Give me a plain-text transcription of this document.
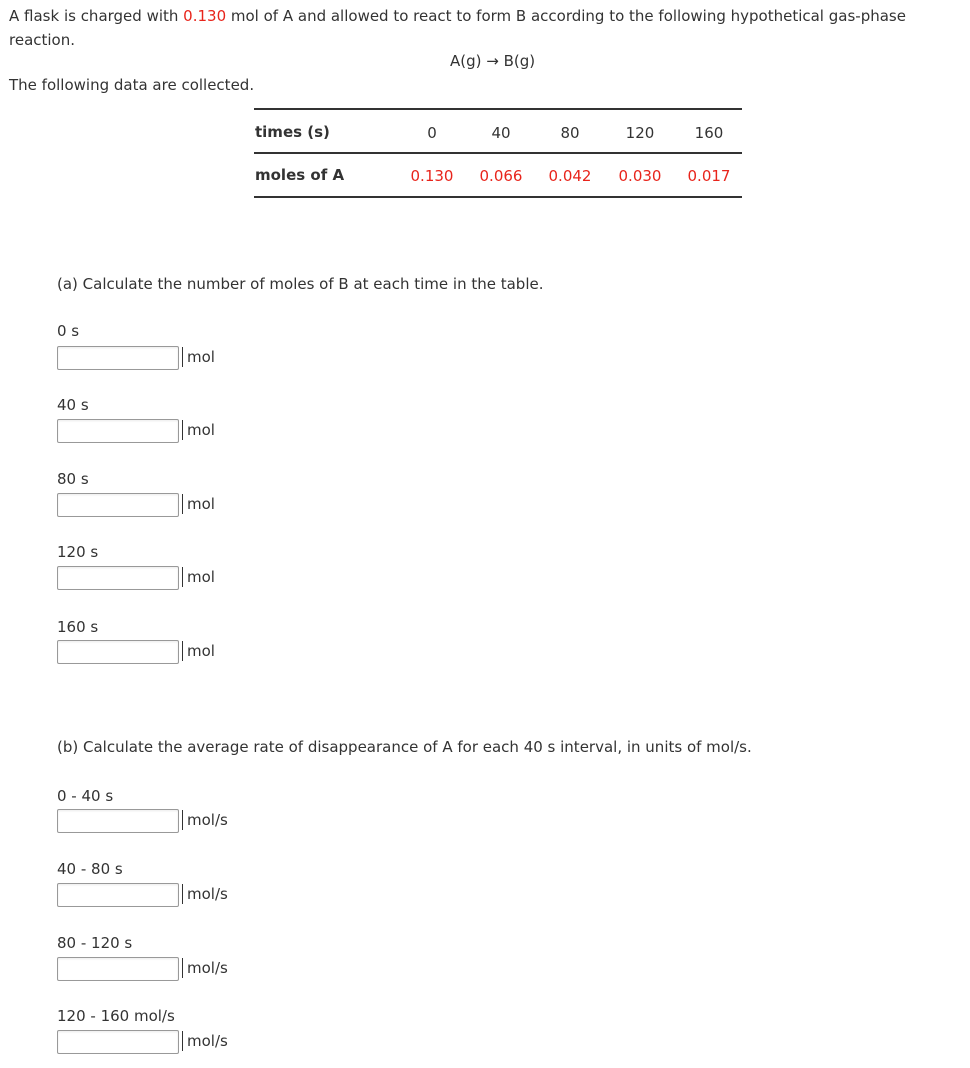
A flask is charged with 0.130 mol of A and allowed to react to form B according to the following hypothetical gas-phase reaction.
A(g) → B(g)
The following data are collected.
times (s)	0	40	80	120	160
moles of A	0.130	0.066	0.042	0.030	0.017
(a) Calculate the number of moles of B at each time in the table.
0 s
mol
40 s
mol
80 s
mol
120 s
mol
160 s
mol
(b) Calculate the average rate of disappearance of A for each 40 s interval, in units of mol/s.
0 - 40 s
mol/s
40 - 80 s
mol/s
80 - 120 s
mol/s
120 - 160 mol/s
mol/s
